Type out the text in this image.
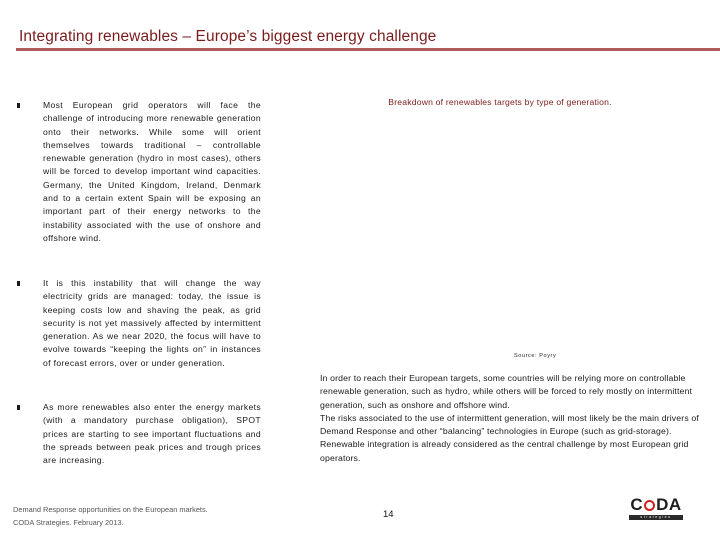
Integrating renewables – Europe’s biggest energy challenge
Most European grid operators will face the challenge of introducing more renewable generation onto their networks. While some will orient themselves towards traditional – controllable renewable generation (hydro in most cases), others will be forced to develop important wind capacities. Germany, the United Kingdom, Ireland, Denmark and to a certain extent Spain will be exposing an important part of their energy networks to the instability associated with the use of onshore and offshore wind.
It is this instability that will change the way electricity grids are managed: today, the issue is keeping costs low and shaving the peak, as grid security is not yet massively affected by intermittent generation. As we near 2020, the focus will have to evolve towards “keeping the lights on” in instances of forecast errors, over or under generation.
As more renewables also enter the energy markets (with a mandatory purchase obligation), SPOT prices are starting to see important fluctuations and the spreads between peak prices and trough prices are increasing.
Breakdown of renewables targets by type of generation.
Source: Poyry

In order to reach their European targets, some countries will be relying more on controllable renewable generation, such as hydro, while others will be forced to rely mostly on intermittent generation, such as onshore and offshore wind.

The risks associated to the use of intermittent generation, will most likely be the main drivers of Demand Response and other “balancing” technologies in Europe (such as grid-storage). Renewable integration is already considered as the central challenge by most European grid operators.

Demand Response opportunities on the European markets.
CODA Strategies. February 2013.
14
C DA
strategies
